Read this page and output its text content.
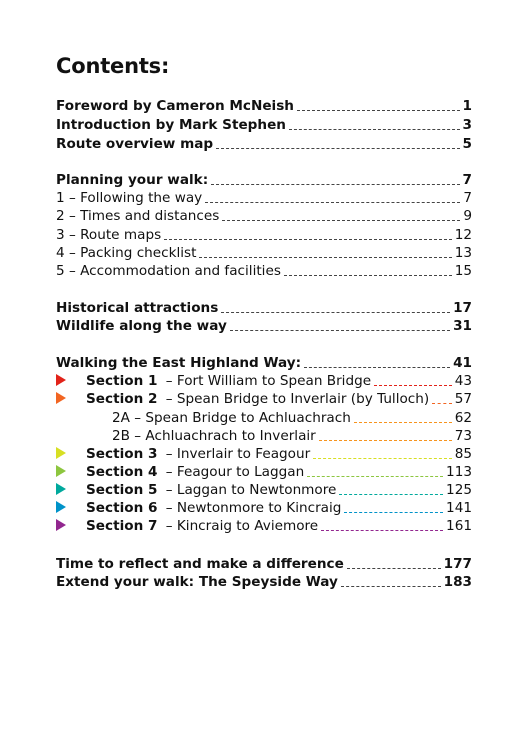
Contents:
Foreword by Cameron McNeish	1
Introduction by Mark Stephen	3
Route overview map	5
Planning your walk:	7
1 – Following the way	7
2 – Times and distances	9
3 – Route maps	12
4 – Packing checklist	13
5 – Accommodation and facilities	15
Historical attractions	17
Wildlife along the way	31
Walking the East Highland Way:	41
Section 1 – Fort William to Spean Bridge	43
Section 2 – Spean Bridge to Inverlair (by Tulloch) 57
2A – Spean Bridge to Achluachrach	62
2B – Achluachrach to Inverlair	73
Section 3 – Inverlair to Feagour	85
Section 4 – Feagour to Laggan	113
Section 5 – Laggan to Newtonmore	125
Section 6 – Newtonmore to Kincraig	141
Section 7 – Kincraig to Aviemore	161
Time to reflect and make a difference	177
Extend your walk: The Speyside Way	183
